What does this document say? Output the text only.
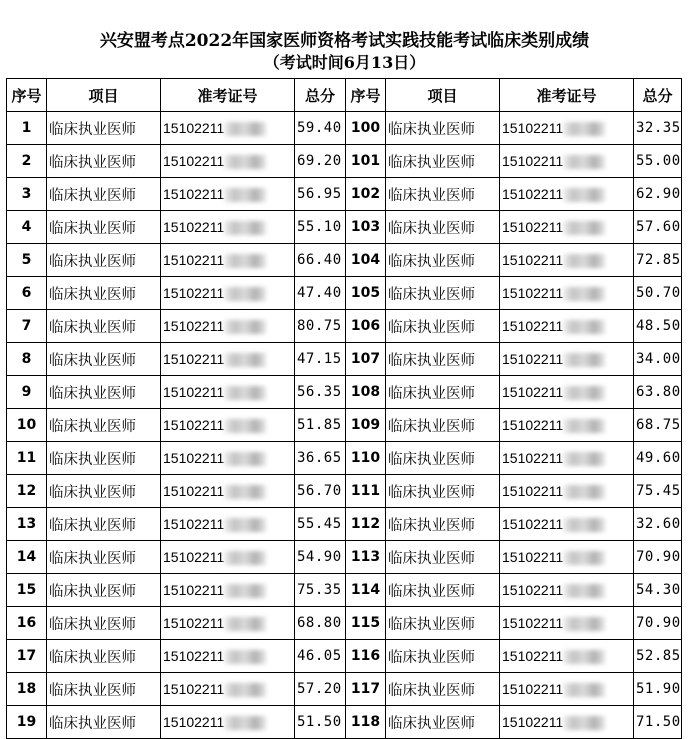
兴安盟考点2022年国家医师资格考试实践技能考试临床类别成绩
（考试时间6月13日）
序号	项目	准考证号	总分	序号	项目	准考证号	总分
1	临床执业医师	15102211	59.40	100	临床执业医师	15102211	32.35
2	临床执业医师	15102211	69.20	101	临床执业医师	15102211	55.00
3	临床执业医师	15102211	56.95	102	临床执业医师	15102211	62.90
4	临床执业医师	15102211	55.10	103	临床执业医师	15102211	57.60
5	临床执业医师	15102211	66.40	104	临床执业医师	15102211	72.85
6	临床执业医师	15102211	47.40	105	临床执业医师	15102211	50.70
7	临床执业医师	15102211	80.75	106	临床执业医师	15102211	48.50
8	临床执业医师	15102211	47.15	107	临床执业医师	15102211	34.00
9	临床执业医师	15102211	56.35	108	临床执业医师	15102211	63.80
10	临床执业医师	15102211	51.85	109	临床执业医师	15102211	68.75
11	临床执业医师	15102211	36.65	110	临床执业医师	15102211	49.60
12	临床执业医师	15102211	56.70	111	临床执业医师	15102211	75.45
13	临床执业医师	15102211	55.45	112	临床执业医师	15102211	32.60
14	临床执业医师	15102211	54.90	113	临床执业医师	15102211	70.90
15	临床执业医师	15102211	75.35	114	临床执业医师	15102211	54.30
16	临床执业医师	15102211	68.80	115	临床执业医师	15102211	70.90
17	临床执业医师	15102211	46.05	116	临床执业医师	15102211	52.85
18	临床执业医师	15102211	57.20	117	临床执业医师	15102211	51.90
19	临床执业医师	15102211	51.50	118	临床执业医师	15102211	71.50
